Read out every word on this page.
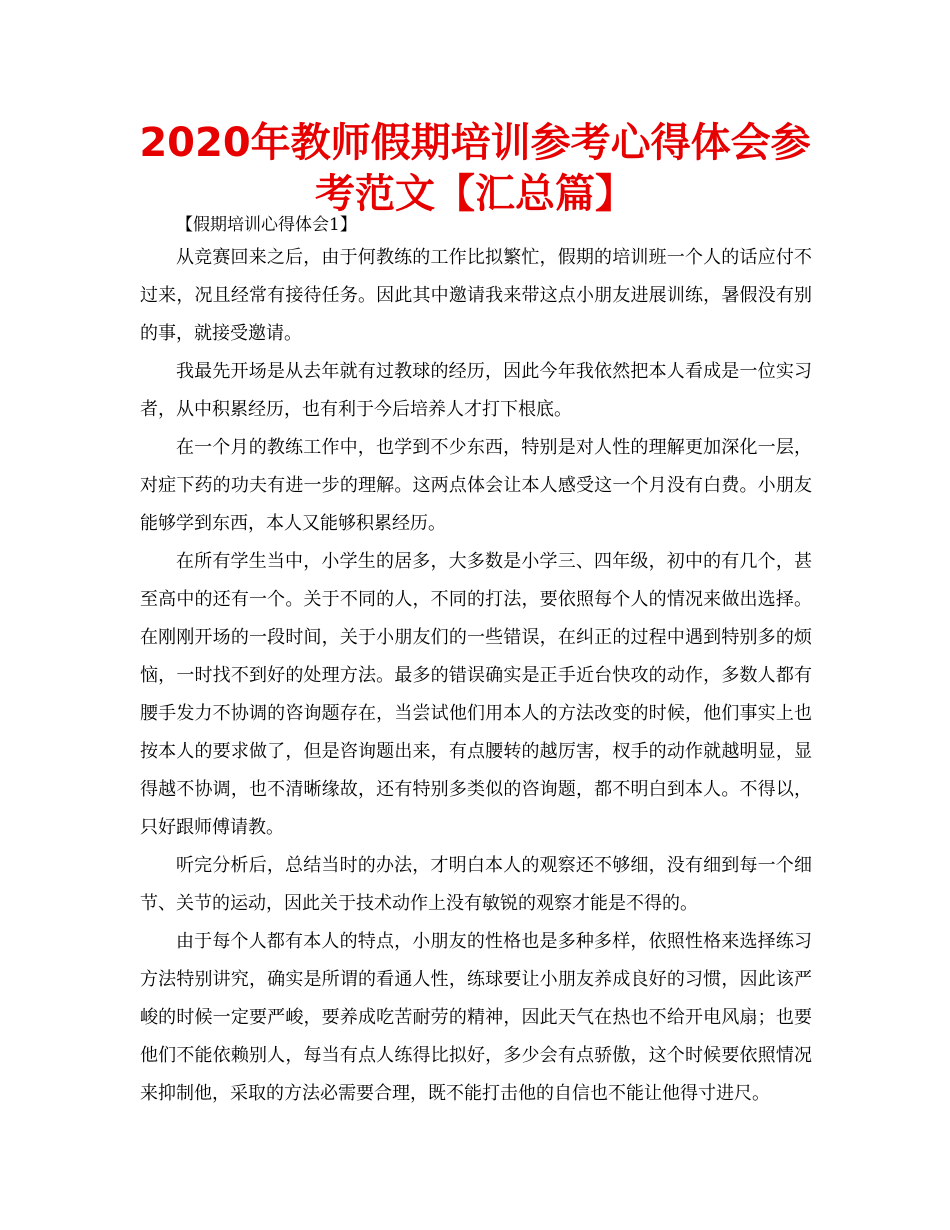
2020年教师假期培训参考心得体会参考范文【汇总篇】

【假期培训心得体会1】

从竞赛回来之后，由于何教练的工作比拟繁忙，假期的培训班一个人的话应付不过来，况且经常有接待任务。因此其中邀请我来带这点小朋友进展训练，暑假没有别的事，就接受邀请。

我最先开场是从去年就有过教球的经历，因此今年我依然把本人看成是一位实习者，从中积累经历，也有利于今后培养人才打下根底。

在一个月的教练工作中，也学到不少东西，特别是对人性的理解更加深化一层，对症下药的功夫有进一步的理解。这两点体会让本人感受这一个月没有白费。小朋友能够学到东西，本人又能够积累经历。

在所有学生当中，小学生的居多，大多数是小学三、四年级，初中的有几个，甚至高中的还有一个。关于不同的人，不同的打法，要依照每个人的情况来做出选择。在刚刚开场的一段时间，关于小朋友们的一些错误，在纠正的过程中遇到特别多的烦恼，一时找不到好的处理方法。最多的错误确实是正手近台快攻的动作，多数人都有腰手发力不协调的咨询题存在，当尝试他们用本人的方法改变的时候，他们事实上也按本人的要求做了，但是咨询题出来，有点腰转的越厉害，杈手的动作就越明显，显得越不协调，也不清晰缘故，还有特别多类似的咨询题，都不明白到本人。不得以，只好跟师傅请教。

听完分析后，总结当时的办法，才明白本人的观察还不够细，没有细到每一个细节、关节的运动，因此关于技术动作上没有敏锐的观察才能是不得的。

由于每个人都有本人的特点，小朋友的性格也是多种多样，依照性格来选择练习方法特别讲究，确实是所谓的看通人性，练球要让小朋友养成良好的习惯，因此该严峻的时候一定要严峻，要养成吃苦耐劳的精神，因此天气在热也不给开电风扇；也要他们不能依赖别人，每当有点人练得比拟好，多少会有点骄傲，这个时候要依照情况来抑制他，采取的方法必需要合理，既不能打击他的自信也不能让他得寸进尺。
